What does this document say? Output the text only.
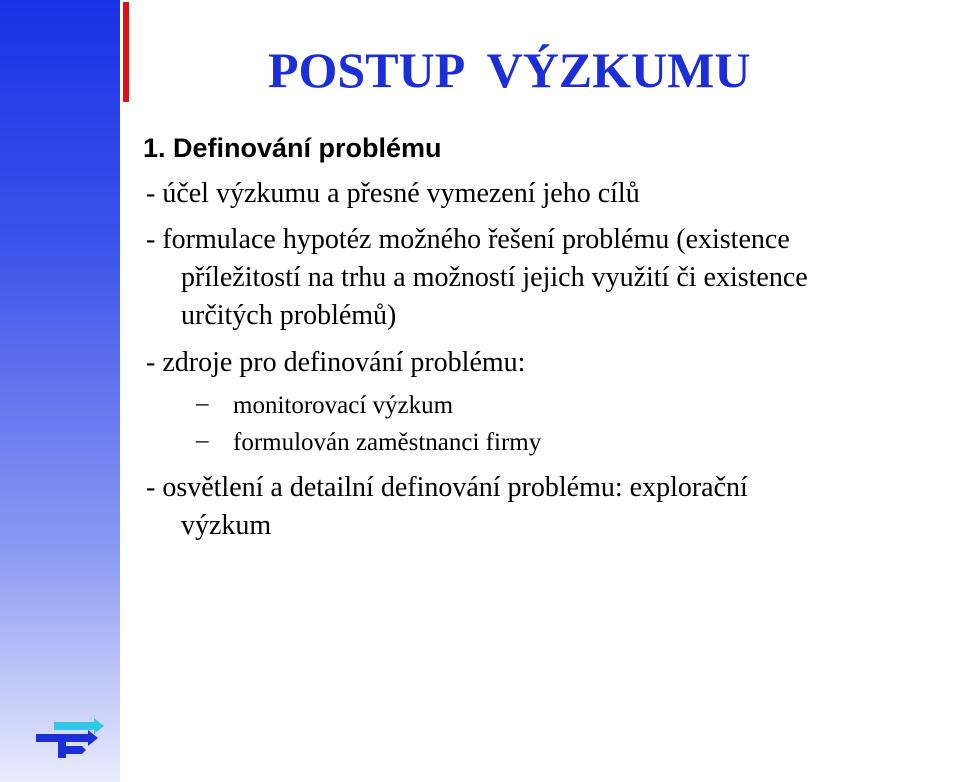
POSTUP  VÝZKUMU
1. Definování problému
- účel výzkumu a přesné vymezení jeho cílů
- formulace hypotéz možného řešení problému (existence
příležitostí na trhu a možností jejich využití či existence
určitých problémů)
- zdroje pro definování problému:
– monitorovací výzkum
– formulován zaměstnanci firmy
- osvětlení a detailní definování problému: explorační
výzkum
